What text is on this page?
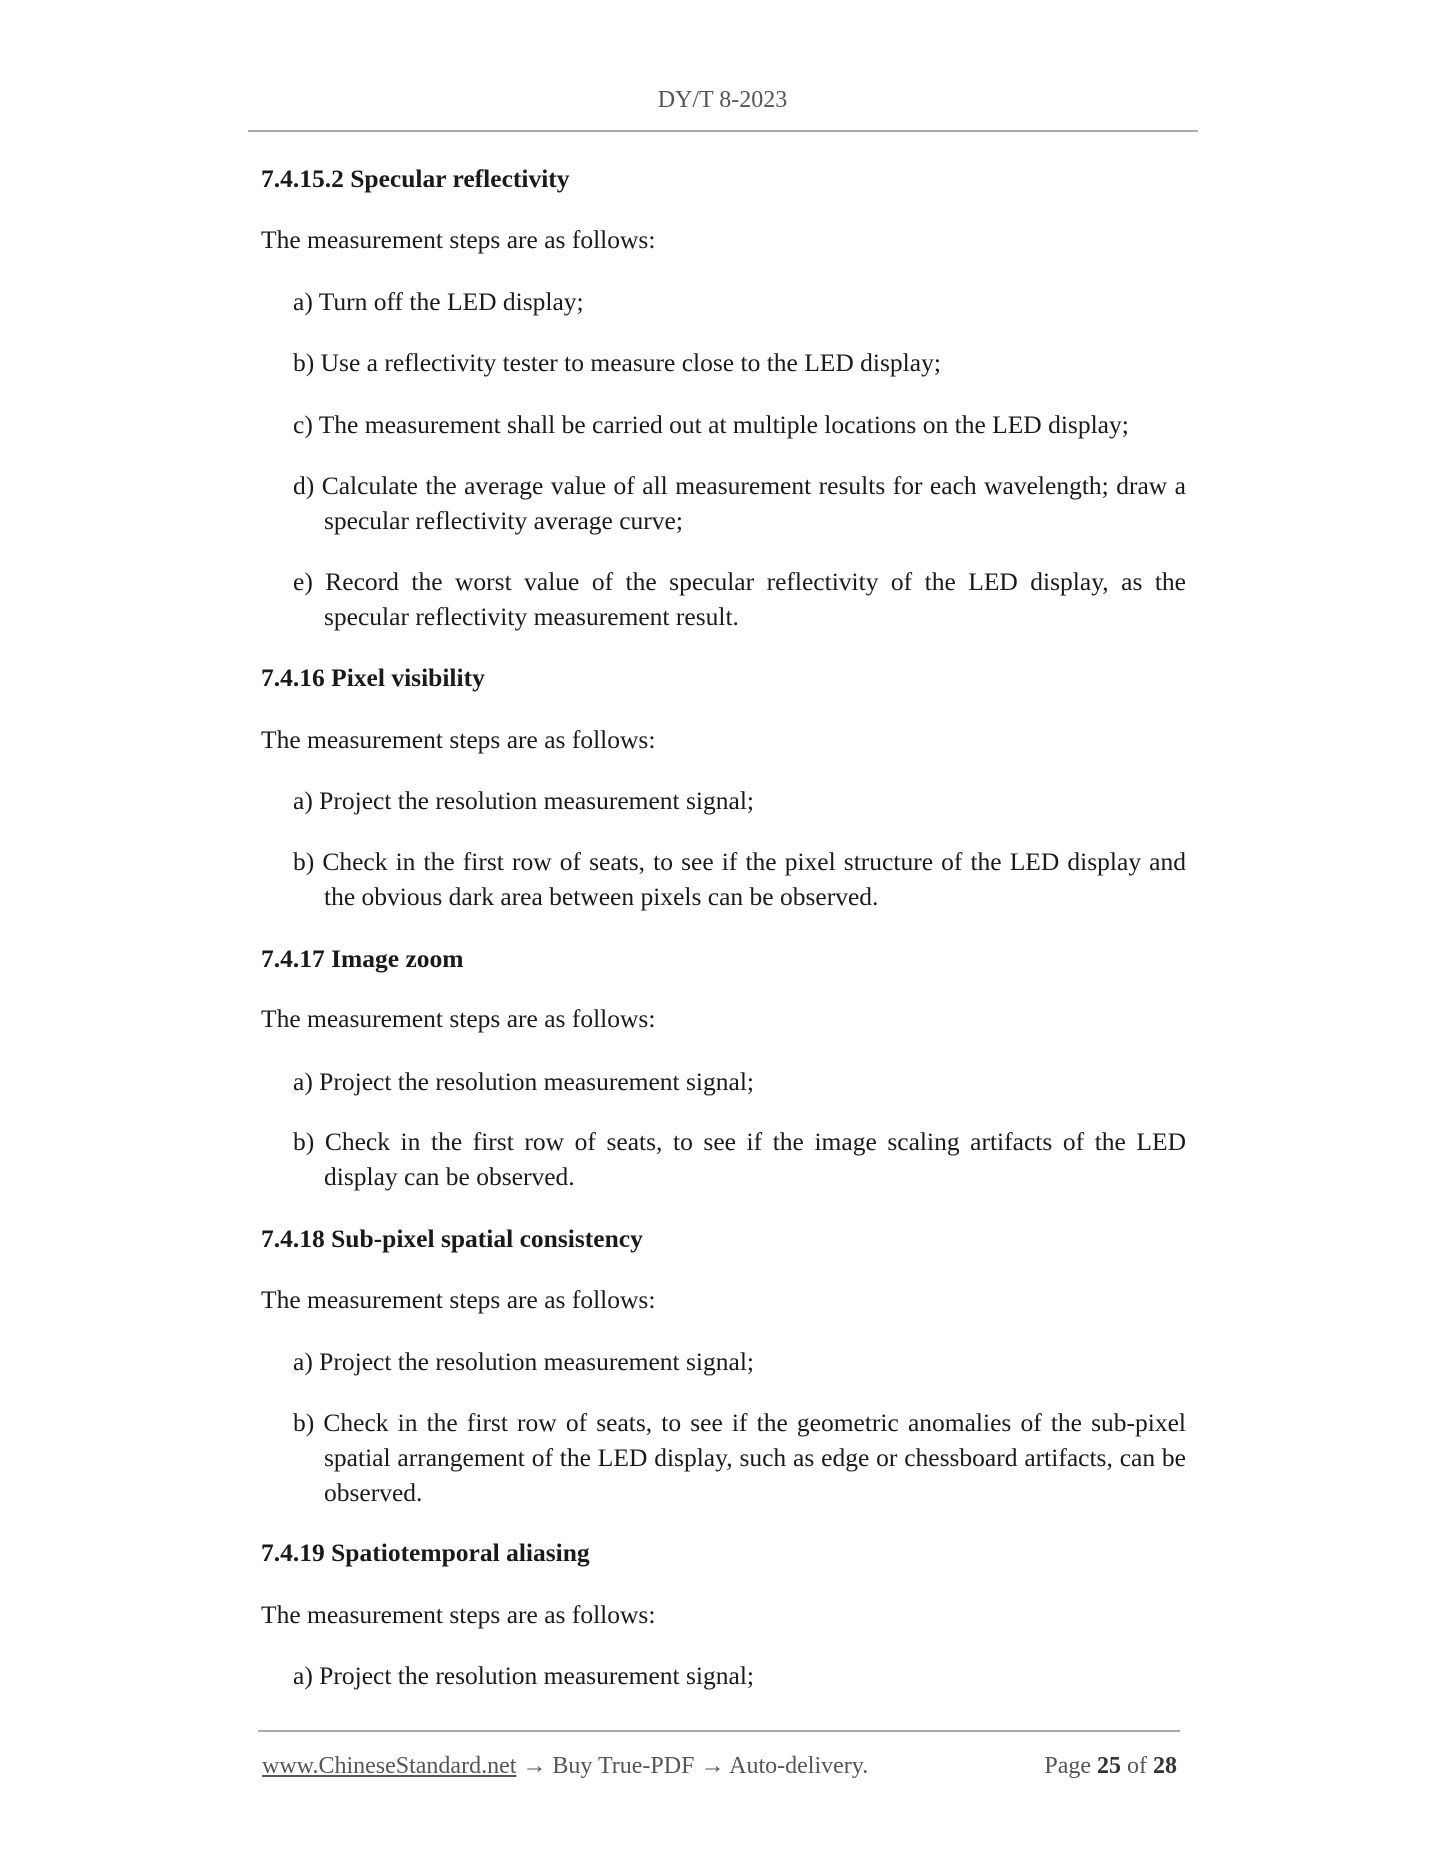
DY/T 8-2023
7.4.15.2 Specular reflectivity
The measurement steps are as follows:
a) Turn off the LED display;
b) Use a reflectivity tester to measure close to the LED display;
c) The measurement shall be carried out at multiple locations on the LED display;
d) Calculate the average value of all measurement results for each wavelength; draw a specular reflectivity average curve;
e) Record the worst value of the specular reflectivity of the LED display, as the specular reflectivity measurement result.
7.4.16 Pixel visibility
The measurement steps are as follows:
a) Project the resolution measurement signal;
b) Check in the first row of seats, to see if the pixel structure of the LED display and the obvious dark area between pixels can be observed.
7.4.17 Image zoom
The measurement steps are as follows:
a) Project the resolution measurement signal;
b) Check in the first row of seats, to see if the image scaling artifacts of the LED display can be observed.
7.4.18 Sub-pixel spatial consistency
The measurement steps are as follows:
a) Project the resolution measurement signal;
b) Check in the first row of seats, to see if the geometric anomalies of the sub-pixel spatial arrangement of the LED display, such as edge or chessboard artifacts, can be observed.
7.4.19 Spatiotemporal aliasing
The measurement steps are as follows:
a) Project the resolution measurement signal;
www.ChineseStandard.net → Buy True-PDF → Auto-delivery.	Page 25 of 28
